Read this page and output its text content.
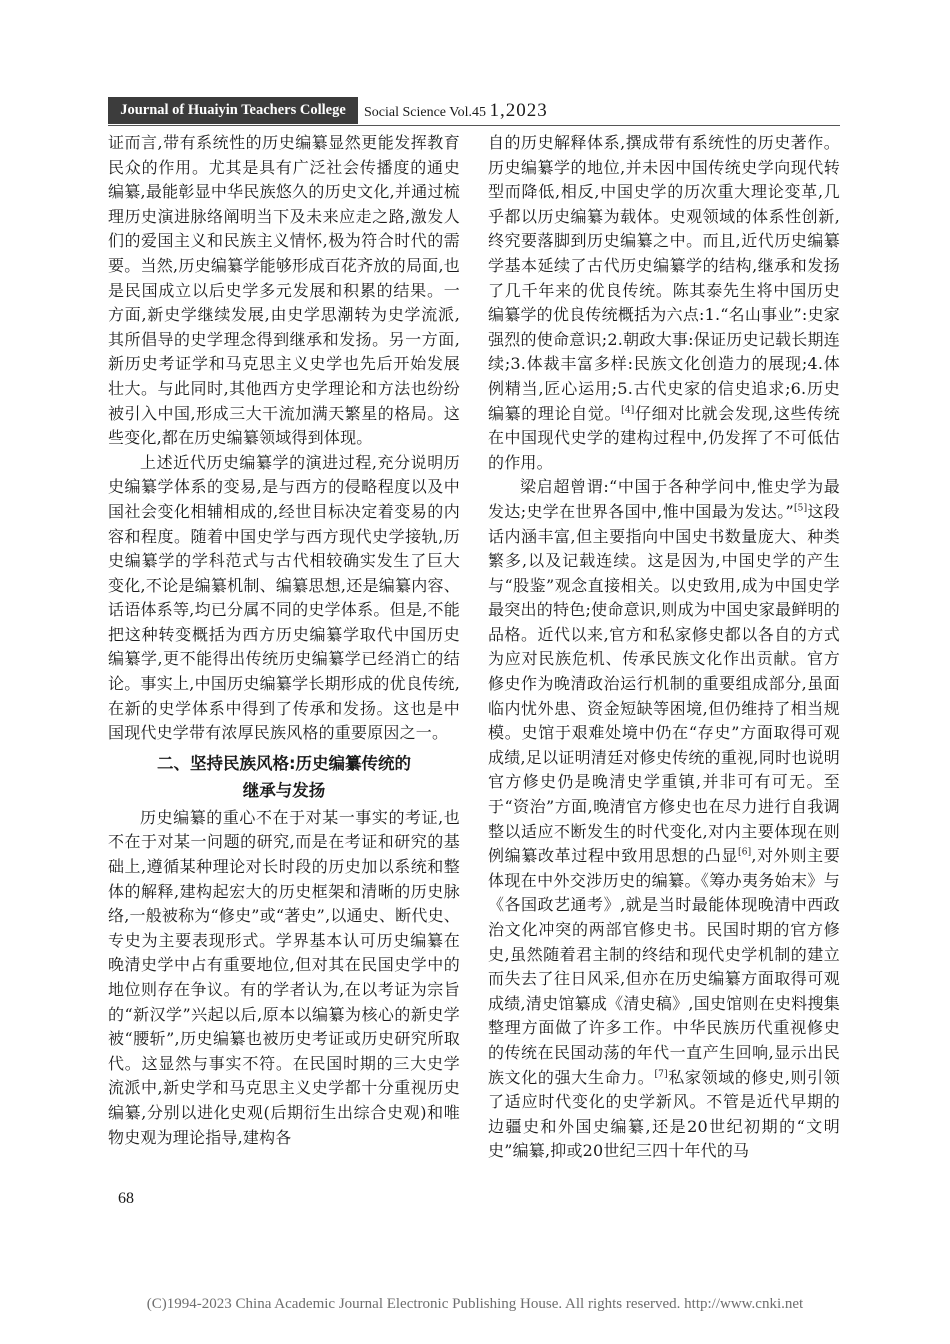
Journal of Huaiyin Teachers College	Social Science Vol.45 1,2023

证而言,带有系统性的历史编纂显然更能发挥教育民众的作用。尤其是具有广泛社会传播度的通史编纂,最能彰显中华民族悠久的历史文化,并通过梳理历史演进脉络阐明当下及未来应走之路,激发人们的爱国主义和民族主义情怀,极为符合时代的需要。当然,历史编纂学能够形成百花齐放的局面,也是民国成立以后史学多元发展和积累的结果。一方面,新史学继续发展,由史学思潮转为史学流派,其所倡导的史学理念得到继承和发扬。另一方面,新历史考证学和马克思主义史学也先后开始发展壮大。与此同时,其他西方史学理论和方法也纷纷被引入中国,形成三大干流加满天繁星的格局。这些变化,都在历史编纂领域得到体现。

上述近代历史编纂学的演进过程,充分说明历史编纂学体系的变易,是与西方的侵略程度以及中国社会变化相辅相成的,经世目标决定着变易的内容和程度。随着中国史学与西方现代史学接轨,历史编纂学的学科范式与古代相较确实发生了巨大变化,不论是编纂机制、编纂思想,还是编纂内容、话语体系等,均已分属不同的史学体系。但是,不能把这种转变概括为西方历史编纂学取代中国历史编纂学,更不能得出传统历史编纂学已经消亡的结论。事实上,中国历史编纂学长期形成的优良传统,在新的史学体系中得到了传承和发扬。这也是中国现代史学带有浓厚民族风格的重要原因之一。

二、坚持民族风格:历史编纂传统的
继承与发扬

历史编纂的重心不在于对某一事实的考证,也不在于对某一问题的研究,而是在考证和研究的基础上,遵循某种理论对长时段的历史加以系统和整体的解释,建构起宏大的历史框架和清晰的历史脉络,一般被称为“修史”或“著史”,以通史、断代史、专史为主要表现形式。学界基本认可历史编纂在晚清史学中占有重要地位,但对其在民国史学中的地位则存在争议。有的学者认为,在以考证为宗旨的“新汉学”兴起以后,原本以编纂为核心的新史学被“腰斩”,历史编纂也被历史考证或历史研究所取代。这显然与事实不符。在民国时期的三大史学流派中,新史学和马克思主义史学都十分重视历史编纂,分别以进化史观(后期衍生出综合史观)和唯物史观为理论指导,建构各

自的历史解释体系,撰成带有系统性的历史著作。历史编纂学的地位,并未因中国传统史学向现代转型而降低,相反,中国史学的历次重大理论变革,几乎都以历史编纂为载体。史观领域的体系性创新,终究要落脚到历史编纂之中。而且,近代历史编纂学基本延续了古代历史编纂学的结构,继承和发扬了几千年来的优良传统。陈其泰先生将中国历史编纂学的优良传统概括为六点:1.“名山事业”:史家强烈的使命意识;2.朝政大事:保证历史记载长期连续;3.体裁丰富多样:民族文化创造力的展现;4.体例精当,匠心运用;5.古代史家的信史追求;6.历史编纂的理论自觉。[4]仔细对比就会发现,这些传统在中国现代史学的建构过程中,仍发挥了不可低估的作用。

梁启超曾谓:“中国于各种学问中,惟史学为最发达;史学在世界各国中,惟中国最为发达。”[5]这段话内涵丰富,但主要指向中国史书数量庞大、种类繁多,以及记载连续。这是因为,中国史学的产生与“股鉴”观念直接相关。以史致用,成为中国史学最突出的特色;使命意识,则成为中国史家最鲜明的品格。近代以来,官方和私家修史都以各自的方式为应对民族危机、传承民族文化作出贡献。官方修史作为晚清政治运行机制的重要组成部分,虽面临内忧外患、资金短缺等困境,但仍维持了相当规模。史馆于艰难处境中仍在“存史”方面取得可观成绩,足以证明清廷对修史传统的重视,同时也说明官方修史仍是晚清史学重镇,并非可有可无。至于“资治”方面,晚清官方修史也在尽力进行自我调整以适应不断发生的时代变化,对内主要体现在则例编纂改革过程中致用思想的凸显[6],对外则主要体现在中外交涉历史的编纂。《筹办夷务始末》与《各国政艺通考》,就是当时最能体现晚清中西政治文化冲突的两部官修史书。民国时期的官方修史,虽然随着君主制的终结和现代史学机制的建立而失去了往日风采,但亦在历史编纂方面取得可观成绩,清史馆纂成《清史稿》,国史馆则在史料搜集整理方面做了许多工作。中华民族历代重视修史的传统在民国动荡的年代一直产生回响,显示出民族文化的强大生命力。[7]私家领域的修史,则引领了适应时代变化的史学新风。不管是近代早期的边疆史和外国史编纂,还是20世纪初期的“文明史”编纂,抑或20世纪三四十年代的马

68
(C)1994-2023 China Academic Journal Electronic Publishing House. All rights reserved. http://www.cnki.net
